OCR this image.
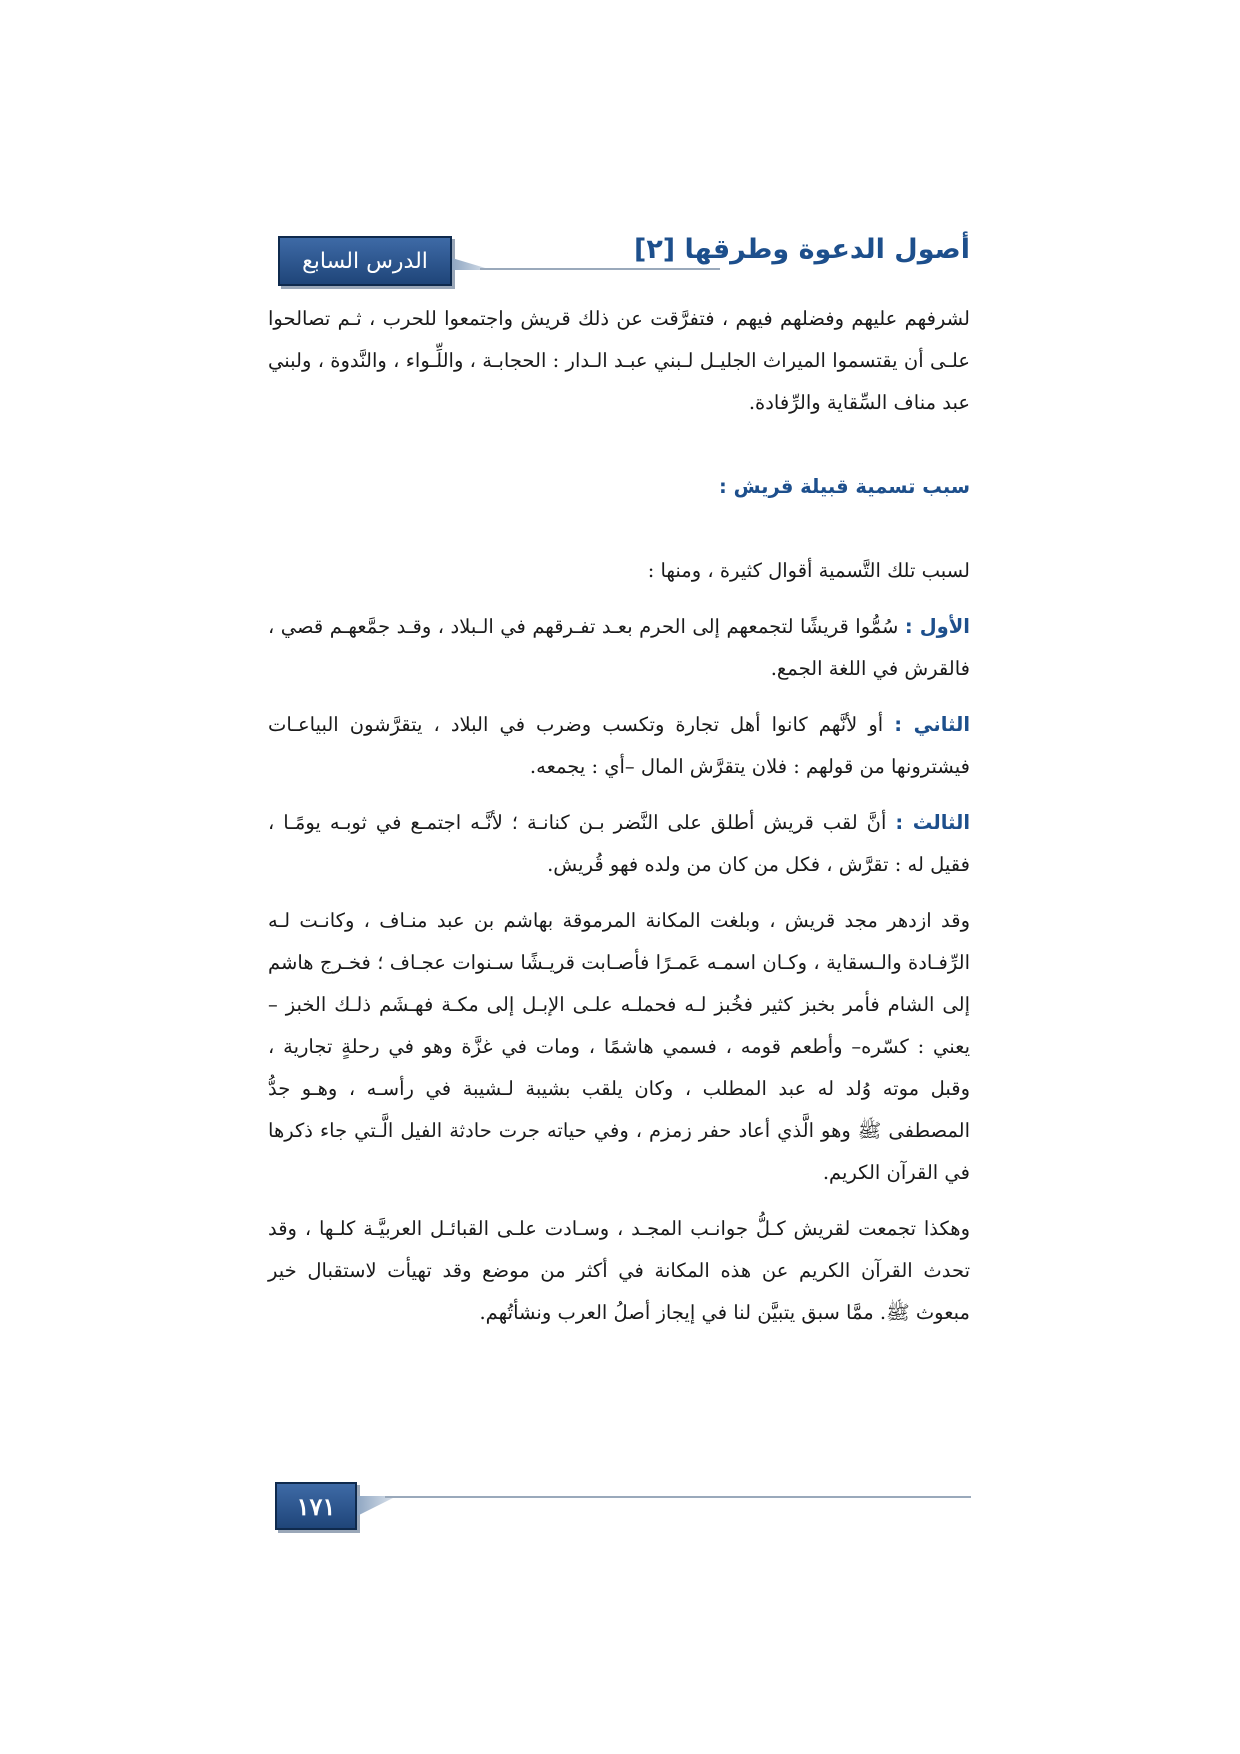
الدرس السابع	أصول الدعوة وطرقها [٢]

لشرفهم عليهم وفضلهم فيهم ، فتفرَّقت عن ذلك قريش واجتمعوا للحرب ، ثـم تصالحوا علـى أن يقتسموا الميراث الجليـل لـبني عبـد الـدار : الحجابـة ، واللِّـواء ، والنَّدوة ، ولبني عبد مناف السِّقاية والرِّفادة.

سبب تسمية قبيلة قريش :

لسبب تلك التَّسمية أقوال كثيرة ، ومنها :

الأول : سُمُّوا قريشًا لتجمعهم إلى الحرم بعـد تفـرقهم في الـبلاد ، وقـد جمَّعهـم قصي ، فالقرش في اللغة الجمع.

الثاني : أو لأنَّهم كانوا أهل تجارة وتكسب وضرب في البلاد ، يتقرَّشون البياعـات فيشترونها من قولهم : فلان يتقرَّش المال –أي : يجمعه.

الثالث : أنَّ لقب قريش أطلق على النَّضر بـن كنانـة ؛ لأنَّـه اجتمـع في ثوبـه يومًـا ، فقيل له : تقرَّش ، فكل من كان من ولده فهو قُريش.

وقد ازدهر مجد قريش ، وبلغت المكانة المرموقة بهاشم بن عبد منـاف ، وكانـت لـه الرِّفـادة والـسقاية ، وكـان اسمـه عَمـرًا فأصـابت قريـشًا سـنوات عجـاف ؛ فخـرج هاشم إلى الشام فأمر بخبز كثير فخُبز لـه فحملـه علـى الإبـل إلى مكـة فهـشَم ذلـك الخبز –يعني : كسّره– وأطعم قومه ، فسمي هاشمًا ، ومات في غزَّة وهو في رحلةٍ تجارية ، وقبل موته وُلد له عبد المطلب ، وكان يلقب بشيبة لـشيبة في رأسـه ، وهـو جدُّ المصطفى ﷺ وهو الَّذي أعاد حفر زمزم ، وفي حياته جرت حادثة الفيل الَّـتي جاء ذكرها في القرآن الكريم.

وهكذا تجمعت لقريش كـلُّ جوانـب المجـد ، وسـادت علـى القبائـل العربيَّـة كلـها ، وقد تحدث القرآن الكريم عن هذه المكانة في أكثر من موضع وقد تهيأت لاستقبال خير مبعوث ﷺ. ممَّا سبق يتبيَّن لنا في إيجاز أصلُ العرب ونشأتُهم.

١٧١
